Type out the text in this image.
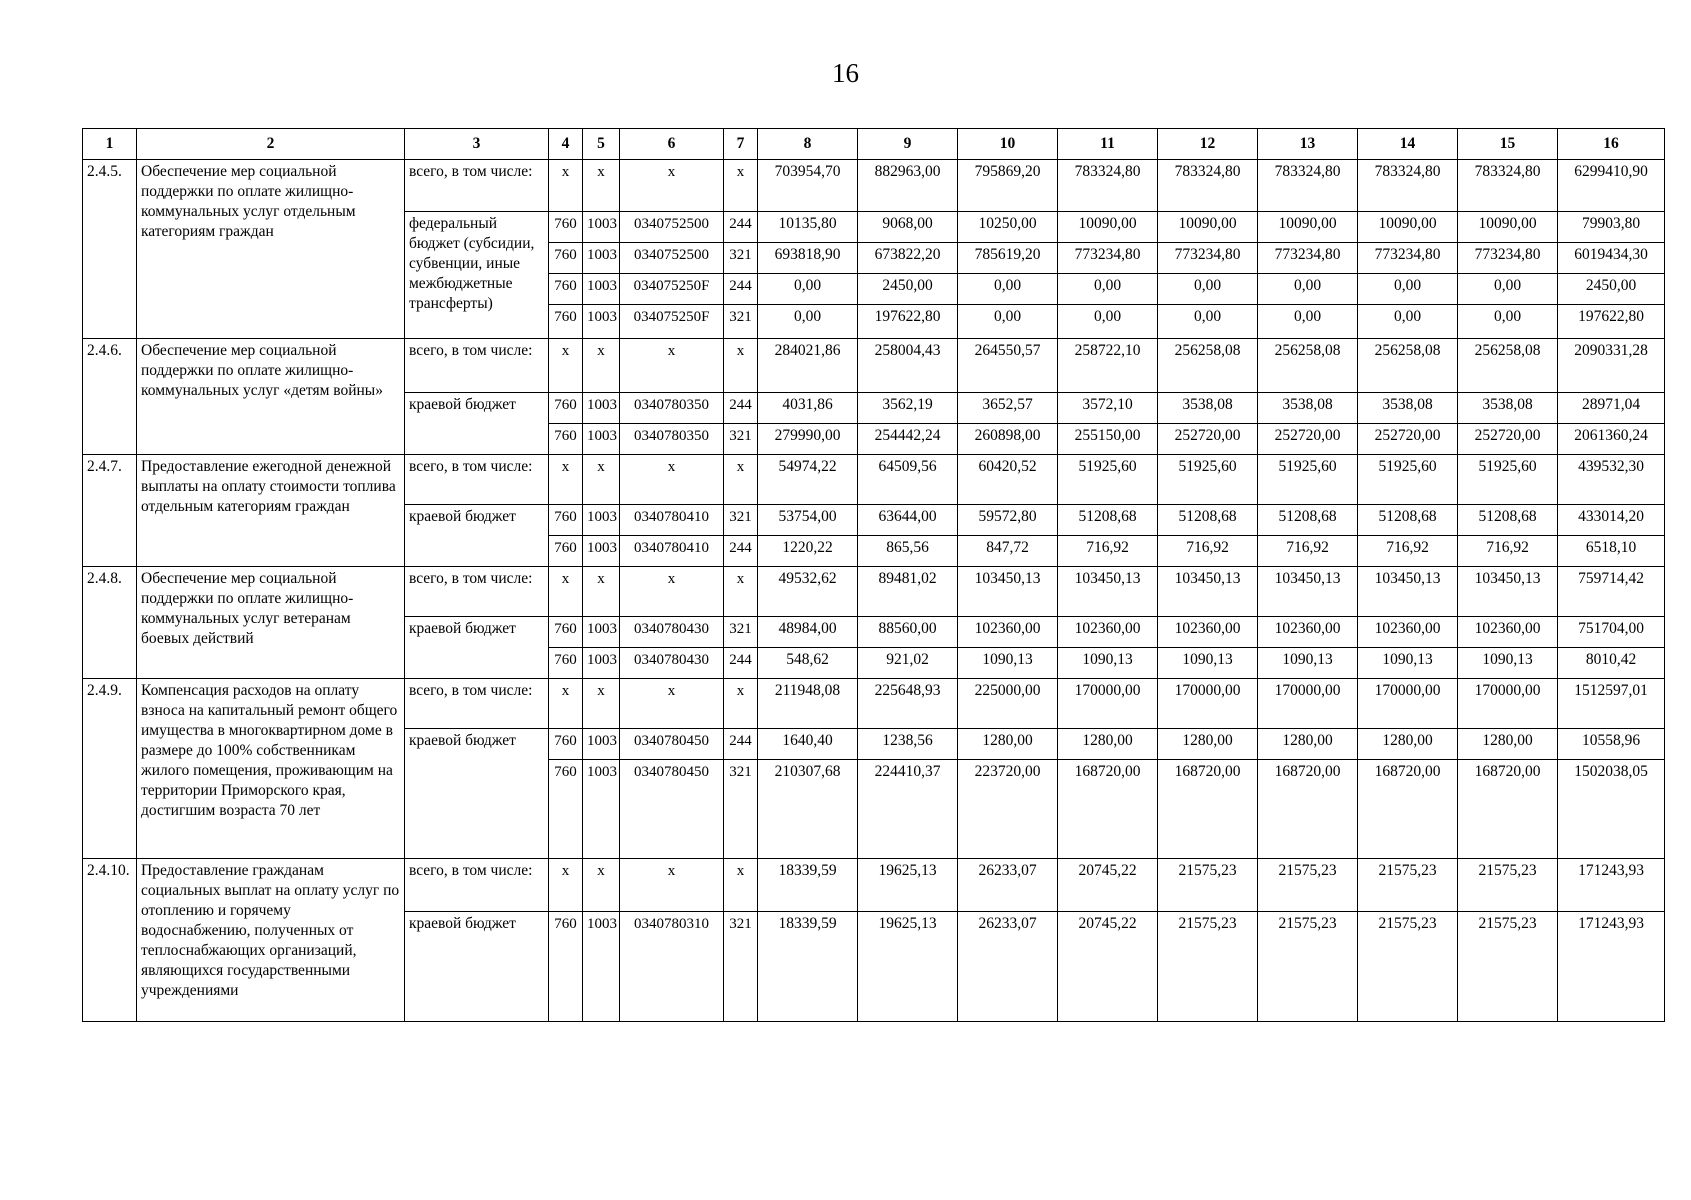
16
1	2	3	4	5	6	7	8	9	10	11	12	13	14	15	16
2.4.5.	Обеспечение мер социальной поддержки по оплате жилищно-коммунальных услуг отдельным категориям граждан	всего, в том числе:	x	x	x	x	703954,70	882963,00	795869,20	783324,80	783324,80	783324,80	783324,80	783324,80	6299410,90
		федеральный бюджет (субсидии, субвенции, иные межбюджетные трансферты)	760	1003	0340752500	244	10135,80	9068,00	10250,00	10090,00	10090,00	10090,00	10090,00	10090,00	79903,80
			760	1003	0340752500	321	693818,90	673822,20	785619,20	773234,80	773234,80	773234,80	773234,80	773234,80	6019434,30
			760	1003	034075250F	244	0,00	2450,00	0,00	0,00	0,00	0,00	0,00	0,00	2450,00
			760	1003	034075250F	321	0,00	197622,80	0,00	0,00	0,00	0,00	0,00	0,00	197622,80
2.4.6.	Обеспечение мер социальной поддержки по оплате жилищно-коммунальных услуг «детям войны»	всего, в том числе:	x	x	x	x	284021,86	258004,43	264550,57	258722,10	256258,08	256258,08	256258,08	256258,08	2090331,28
		краевой бюджет	760	1003	0340780350	244	4031,86	3562,19	3652,57	3572,10	3538,08	3538,08	3538,08	3538,08	28971,04
			760	1003	0340780350	321	279990,00	254442,24	260898,00	255150,00	252720,00	252720,00	252720,00	252720,00	2061360,24
2.4.7.	Предоставление ежегодной денежной выплаты на оплату стоимости топлива отдельным категориям граждан	всего, в том числе:	x	x	x	x	54974,22	64509,56	60420,52	51925,60	51925,60	51925,60	51925,60	51925,60	439532,30
		краевой бюджет	760	1003	0340780410	321	53754,00	63644,00	59572,80	51208,68	51208,68	51208,68	51208,68	51208,68	433014,20
			760	1003	0340780410	244	1220,22	865,56	847,72	716,92	716,92	716,92	716,92	716,92	6518,10
2.4.8.	Обеспечение мер социальной поддержки по оплате жилищно-коммунальных услуг ветеранам боевых действий	всего, в том числе:	x	x	x	x	49532,62	89481,02	103450,13	103450,13	103450,13	103450,13	103450,13	103450,13	759714,42
		краевой бюджет	760	1003	0340780430	321	48984,00	88560,00	102360,00	102360,00	102360,00	102360,00	102360,00	102360,00	751704,00
			760	1003	0340780430	244	548,62	921,02	1090,13	1090,13	1090,13	1090,13	1090,13	1090,13	8010,42
2.4.9.	Компенсация расходов на оплату взноса на капитальный ремонт общего имущества в многоквартирном доме в размере до 100% собственникам жилого помещения, проживающим на территории Приморского края, достигшим возраста 70 лет	всего, в том числе:	x	x	x	x	211948,08	225648,93	225000,00	170000,00	170000,00	170000,00	170000,00	170000,00	1512597,01
		краевой бюджет	760	1003	0340780450	244	1640,40	1238,56	1280,00	1280,00	1280,00	1280,00	1280,00	1280,00	10558,96
			760	1003	0340780450	321	210307,68	224410,37	223720,00	168720,00	168720,00	168720,00	168720,00	168720,00	1502038,05
2.4.10.	Предоставление гражданам социальных выплат на оплату услуг по отоплению и горячему водоснабжению, полученных от теплоснабжающих организаций, являющихся государственными учреждениями	всего, в том числе:	x	x	x	x	18339,59	19625,13	26233,07	20745,22	21575,23	21575,23	21575,23	21575,23	171243,93
		краевой бюджет	760	1003	0340780310	321	18339,59	19625,13	26233,07	20745,22	21575,23	21575,23	21575,23	21575,23	171243,93
